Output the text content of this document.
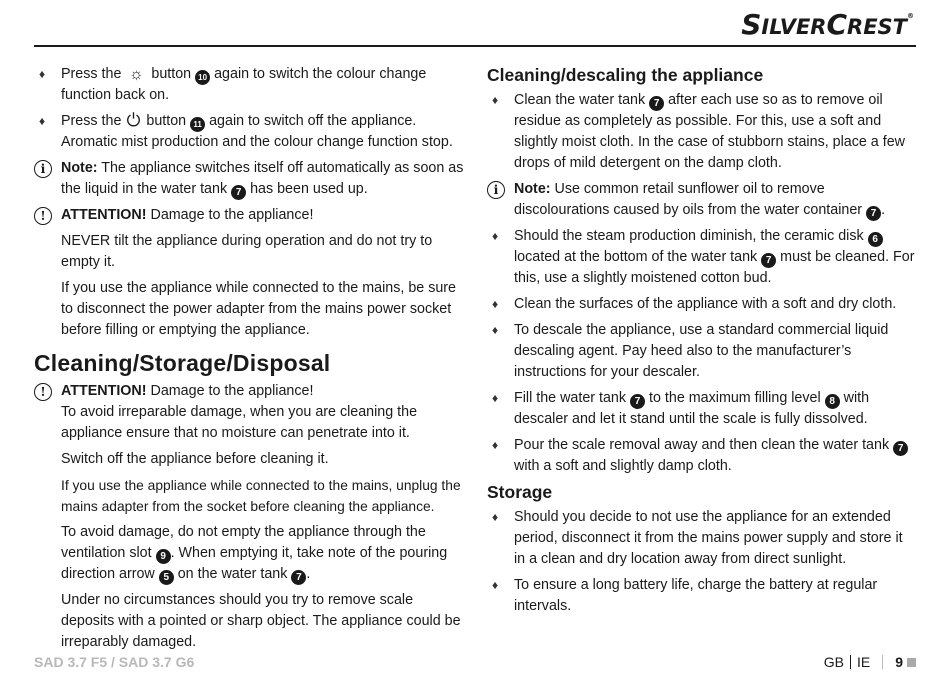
SILVERCREST®
♦ Press the ☼ button 10 again to switch the colour change function back on.
♦ Press the button 11 again to switch off the appliance. Aromatic mist production and the colour change function stop.
i	Note: The appliance switches itself off automatically as soon as the liquid in the water tank 7 has been used up.
!	ATTENTION! Damage to the appliance!
NEVER tilt the appliance during operation and do not try to empty it.
If you use the appliance while connected to the mains, be sure to disconnect the power adapter from the mains power socket before filling or emptying the appliance.
Cleaning/Storage/Disposal
!	ATTENTION! Damage to the appliance!
To avoid irreparable damage, when you are cleaning the appliance ensure that no moisture can penetrate into it.
Switch off the appliance before cleaning it.
If you use the appliance while connected to the mains, unplug the mains adapter from the socket before cleaning the appliance.
To avoid damage, do not empty the appliance through the ventilation slot 9 . When emptying it, take note of the pouring direction arrow 5 on the water tank 7 .
Under no circumstances should you try to remove scale deposits with a pointed or sharp object. The appliance could be irreparably damaged.
Cleaning/descaling the appliance
♦ Clean the water tank 7 after each use so as to remove oil residue as completely as possible. For this, use a soft and slightly moist cloth. In the case of stubborn stains, place a few drops of mild detergent on the damp cloth.
i	Note: Use common retail sunflower oil to remove discolourations caused by oils from the water container 7 .
♦ Should the steam production diminish, the ceramic disk 6 located at the bottom of the water tank 7 must be cleaned. For this, use a slightly moistened cotton bud.
♦ Clean the surfaces of the appliance with a soft and dry cloth.
♦ To descale the appliance, use a standard commercial liquid descaling agent. Pay heed also to the manufacturer’s instructions for your descaler.
♦ Fill the water tank 7 to the maximum filling level 8 with descaler and let it stand until the scale is fully dissolved.
♦ Pour the scale removal away and then clean the water tank 7 with a soft and slightly damp cloth.
Storage
♦ Should you decide to not use the appliance for an extended period, disconnect it from the mains power supply and store it in a clean and dry location away from direct sunlight.
♦ To ensure a long battery life, charge the battery at regular intervals.
SAD 3.7 F5 / SAD 3.7 G6	GB IE 9
